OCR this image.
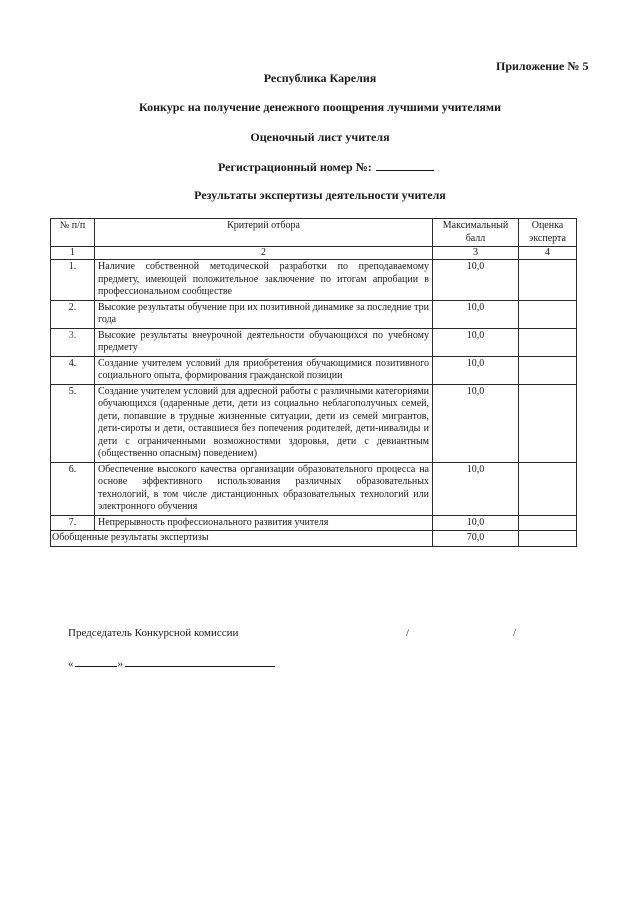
Приложение № 5
Республика Карелия
Конкурс на получение денежного поощрения лучшими учителями
Оценочный лист учителя
Регистрационный номер №:
Результаты экспертизы деятельности учителя
№ п/п	Критерий отбора	Максимальный балл	Оценка эксперта
1	2	3	4
1.	Наличие собственной методической разработки по преподаваемому предмету, имеющей положительное заключение по итогам апробации в профессиональном сообществе	10,0	
2.	Высокие результаты обучение при их позитивной динамике за последние три года	10,0	
3.	Высокие результаты внеурочной деятельности обучающихся по учебному предмету	10,0	
4.	Создание учителем условий для приобретения обучающимися позитивного социального опыта, формирования гражданской позиции	10,0	
5.	Создание учителем условий для адресной работы с различными категориями обучающихся (одаренные дети, дети из социально неблагополучных семей, дети, попавшие в трудные жизненные ситуации, дети из семей мигрантов, дети-сироты и дети, оставшиеся без попечения родителей, дети-инвалиды и дети с ограниченными возможностями здоровья, дети с девиантным (общественно опасным) поведением)	10,0	
6.	Обеспечение высокого качества организации образовательного процесса на основе эффективного использования различных образовательных технологий, в том числе дистанционных образовательных технологий или электронного обучения	10,0	
7.	Непрерывность профессионального развития учителя	10,0	
Обобщенные результаты экспертизы		70,0	
Председатель Конкурсной комиссии	/	/
«	»
